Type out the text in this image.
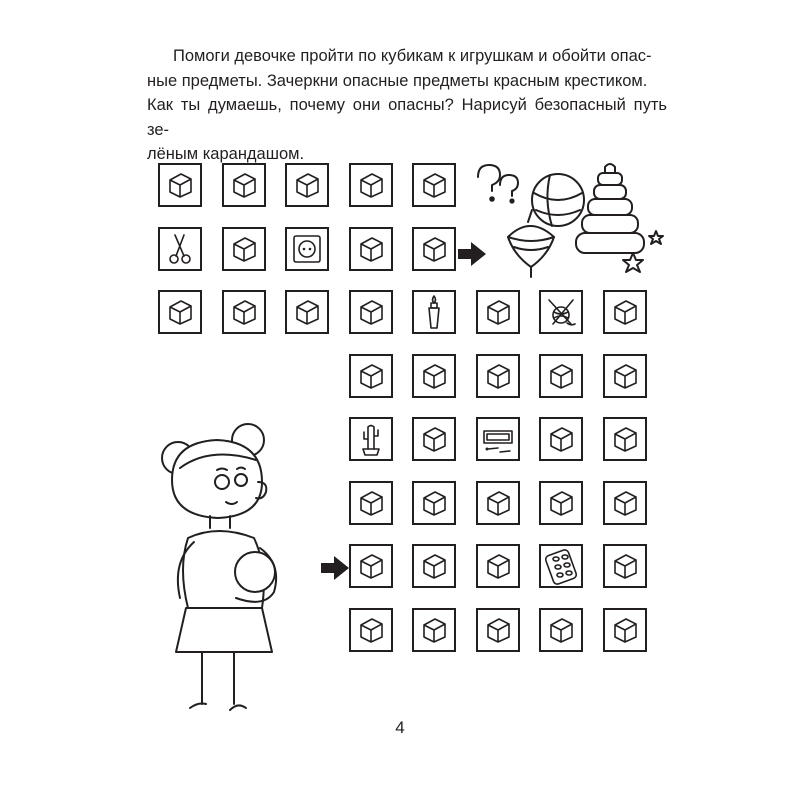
Помоги девочке пройти по кубикам к игрушкам и обойти опас-
ные предметы. Зачеркни опасные предметы красным крестиком.
Как ты думаешь, почему они опасны? Нарисуй безопасный путь зе-
лёным карандашом.
4
